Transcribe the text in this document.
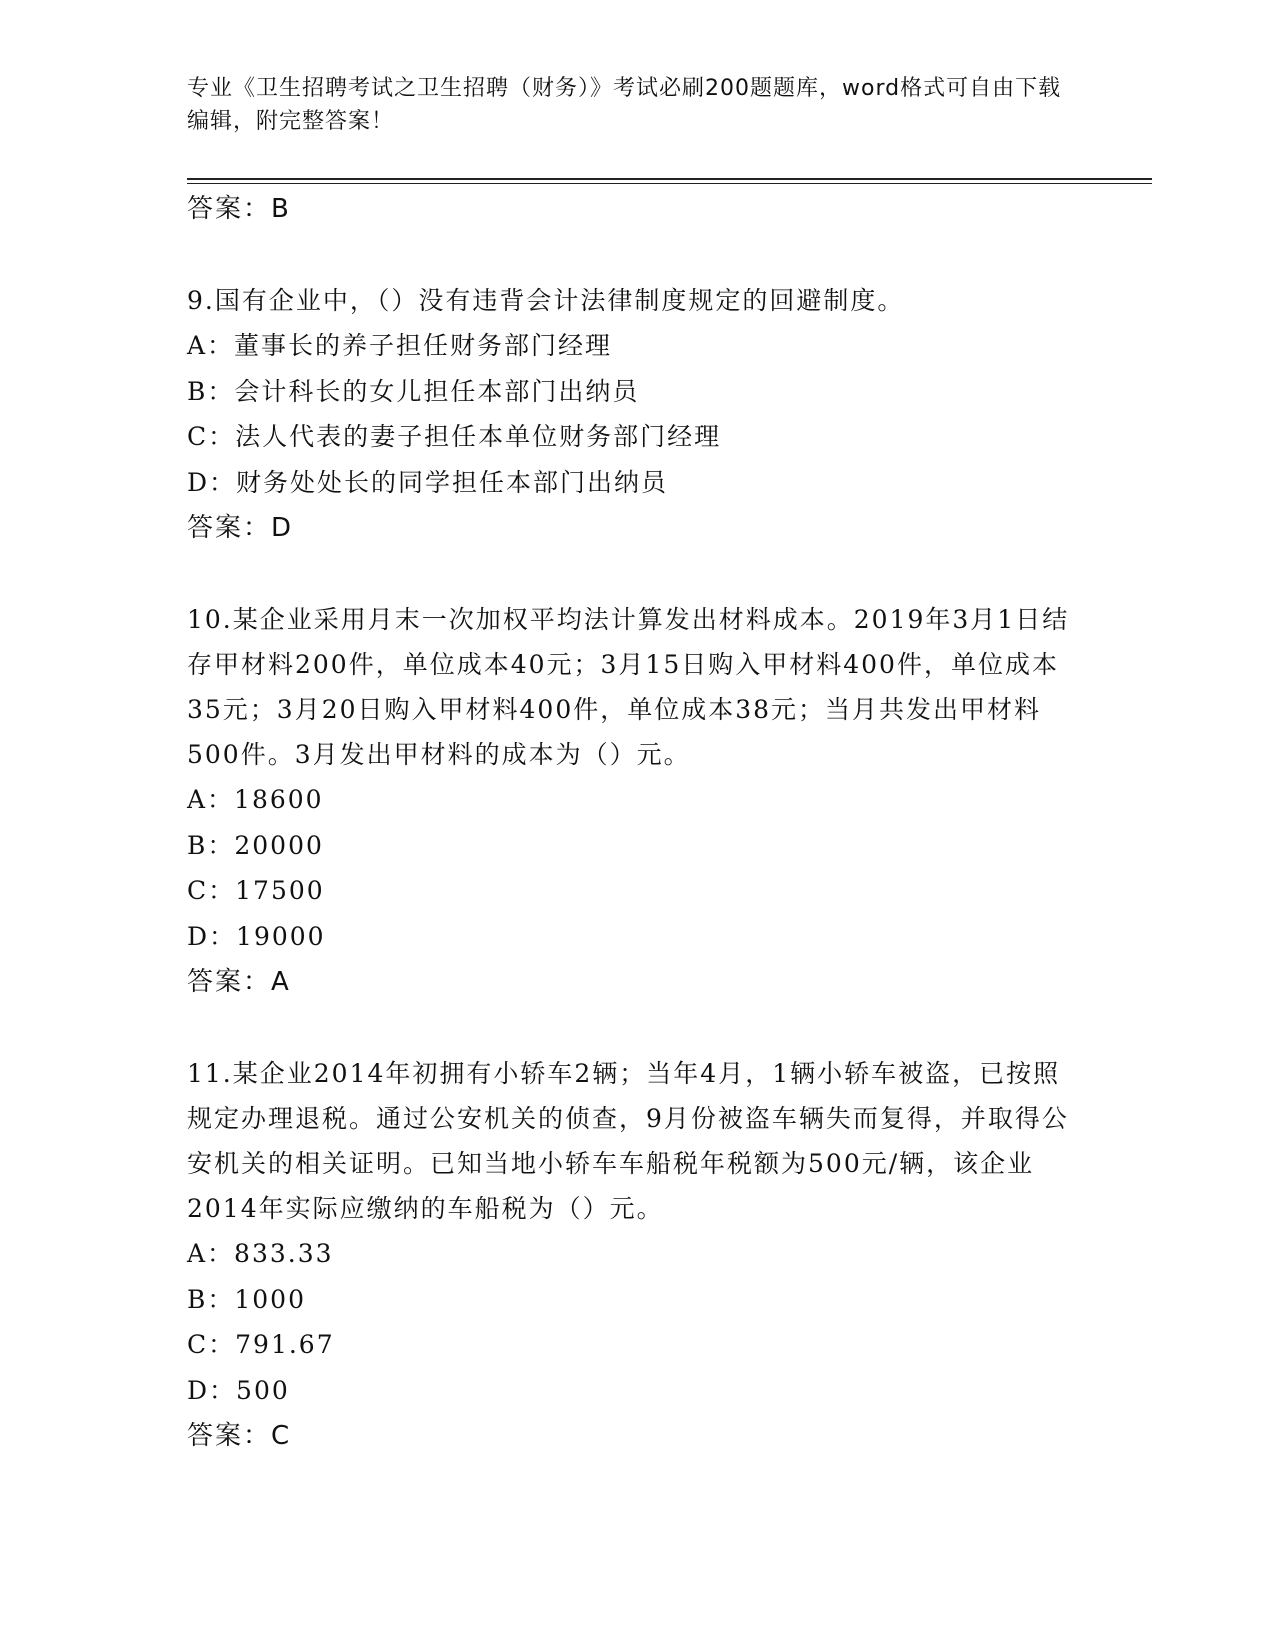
专业《卫生招聘考试之卫生招聘（财务）》考试必刷200题题库，word格式可自由下载编辑，附完整答案！
答案：B
9.国有企业中，（）没有违背会计法律制度规定的回避制度。
A：董事长的养子担任财务部门经理
B：会计科长的女儿担任本部门出纳员
C：法人代表的妻子担任本单位财务部门经理
D：财务处处长的同学担任本部门出纳员
答案：D
10.某企业采用月末一次加权平均法计算发出材料成本。2019年3月1日结存甲材料200件，单位成本40元；3月15日购入甲材料400件，单位成本35元；3月20日购入甲材料400件，单位成本38元；当月共发出甲材料500件。3月发出甲材料的成本为（）元。
A：18600
B：20000
C：17500
D：19000
答案：A
11.某企业2014年初拥有小轿车2辆；当年4月，1辆小轿车被盗，已按照规定办理退税。通过公安机关的侦查，9月份被盗车辆失而复得，并取得公安机关的相关证明。已知当地小轿车车船税年税额为500元/辆，该企业2014年实际应缴纳的车船税为（）元。
A：833.33
B：1000
C：791.67
D：500
答案：C
